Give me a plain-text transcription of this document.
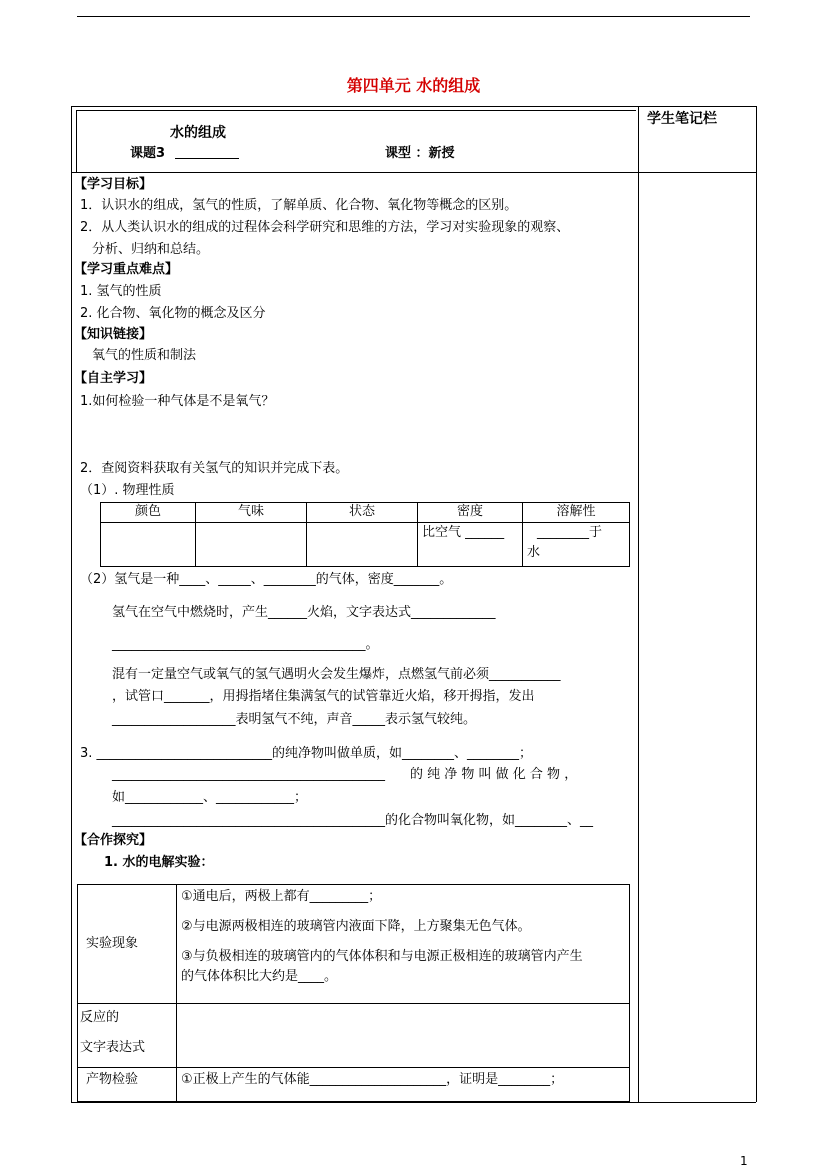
第四单元 水的组成
学生笔记栏
水的组成
课题3	课型 ：新授
【学习目标】
1．认识水的组成，氢气的性质，了解单质、化合物、氧化物等概念的区别。
2．从人类认识水的组成的过程体会科学研究和思维的方法，学习对实验现象的观察、
分析、归纳和总结。
【学习重点难点】
1. 氢气的性质
2. 化合物、氧化物的概念及区分
【知识链接】
氧气的性质和制法
【自主学习】
1.如何检验一种气体是不是氧气？
2．查阅资料获取有关氢气的知识并完成下表。
（1）. 物理性质
颜色	气味	状态	密度	溶解性
			比空气 ______	________于
水
（2）氢气是一种____、_____、________的气体，密度_______。
氢气在空气中燃烧时，产生______火焰，文字表达式_____________
_______________________________________。
混有一定量空气或氧气的氢气遇明火会发生爆炸，点燃氢气前必须___________
，试管口_______，用拇指堵住集满氢气的试管靠近火焰，移开拇指，发出
___________________表明氢气不纯，声音_____表示氢气较纯。
3. ___________________________的纯净物叫做单质，如________、________；
__________________________________________ 的 纯 净 物 叫 做 化 合 物 ，
如____________、____________；
__________________________________________的化合物叫氧化物，如________、__
【合作探究】
1. 水的电解实验：
实验现象	①通电后，两极上都有_________；
②与电源两极相连的玻璃管内液面下降，上方聚集无色气体。
③与负极相连的玻璃管内的气体体积和与电源正极相连的玻璃管内产生
的气体体积比大约是____。

反应的
文字表达式	

产物检验	①正极上产生的气体能_____________________，证明是________；
1
